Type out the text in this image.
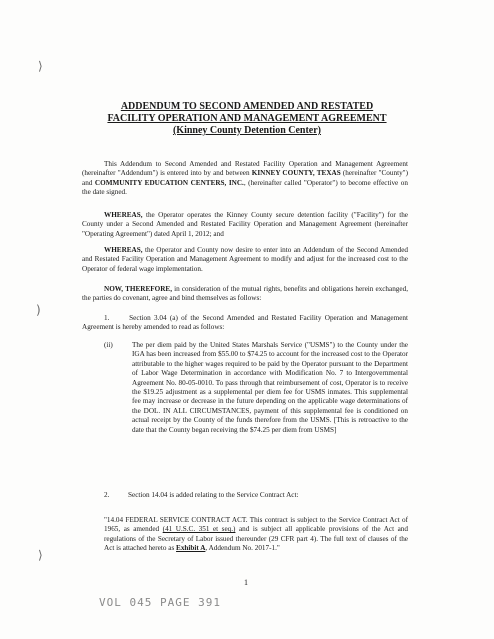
⟩
)
⟩
ADDENDUM TO SECOND AMENDED AND RESTATED
FACILITY OPERATION AND MANAGEMENT AGREEMENT
(Kinney County Detention Center)

This Addendum to Second Amended and Restated Facility Operation and Management Agreement (hereinafter "Addendum") is entered into by and between KINNEY COUNTY, TEXAS (hereinafter "County") and COMMUNITY EDUCATION CENTERS, INC., (hereinafter called "Operator") to become effective on the date signed.

WHEREAS, the Operator operates the Kinney County secure detention facility ("Facility") for the County under a Second Amended and Restated Facility Operation and Management Agreement (hereinafter "Operating Agreement") dated April 1, 2012; and

WHEREAS, the Operator and County now desire to enter into an Addendum of the Second Amended and Restated Facility Operation and Management Agreement to modify and adjust for the increased cost to the Operator of federal wage implementation.

NOW, THEREFORE, in consideration of the mutual rights, benefits and obligations herein exchanged, the parties do covenant, agree and bind themselves as follows:

1.	Section 3.04 (a) of the Second Amended and Restated Facility Operation and Management Agreement is hereby amended to read as follows:

(ii)	The per diem paid by the United States Marshals Service ("USMS") to the County under the IGA has been increased from $55.00 to $74.25 to account for the increased cost to the Operator attributable to the higher wages required to be paid by the Operator pursuant to the Department of Labor Wage Determination in accordance with Modification No. 7 to Intergovernmental Agreement No. 80-05-0010. To pass through that reimbursement of cost, Operator is to receive the $19.25 adjustment as a supplemental per diem fee for USMS inmates. This supplemental fee may increase or decrease in the future depending on the applicable wage determinations of the DOL. IN ALL CIRCUMSTANCES, payment of this supplemental fee is conditioned on actual receipt by the County of the funds therefore from the USMS. [This is retroactive to the date that the County began receiving the $74.25 per diem from USMS]

2.	Section 14.04 is added relating to the Service Contract Act:

"14.04 FEDERAL SERVICE CONTRACT ACT. This contract is subject to the Service Contract Act of 1965, as amended (41 U.S.C. 351 et seq.) and is subject all applicable provisions of the Act and regulations of the Secretary of Labor issued thereunder (29 CFR part 4). The full text of clauses of the Act is attached hereto as Exhibit A, Addendum No. 2017-1."

1
VOL 045 PAGE 391
